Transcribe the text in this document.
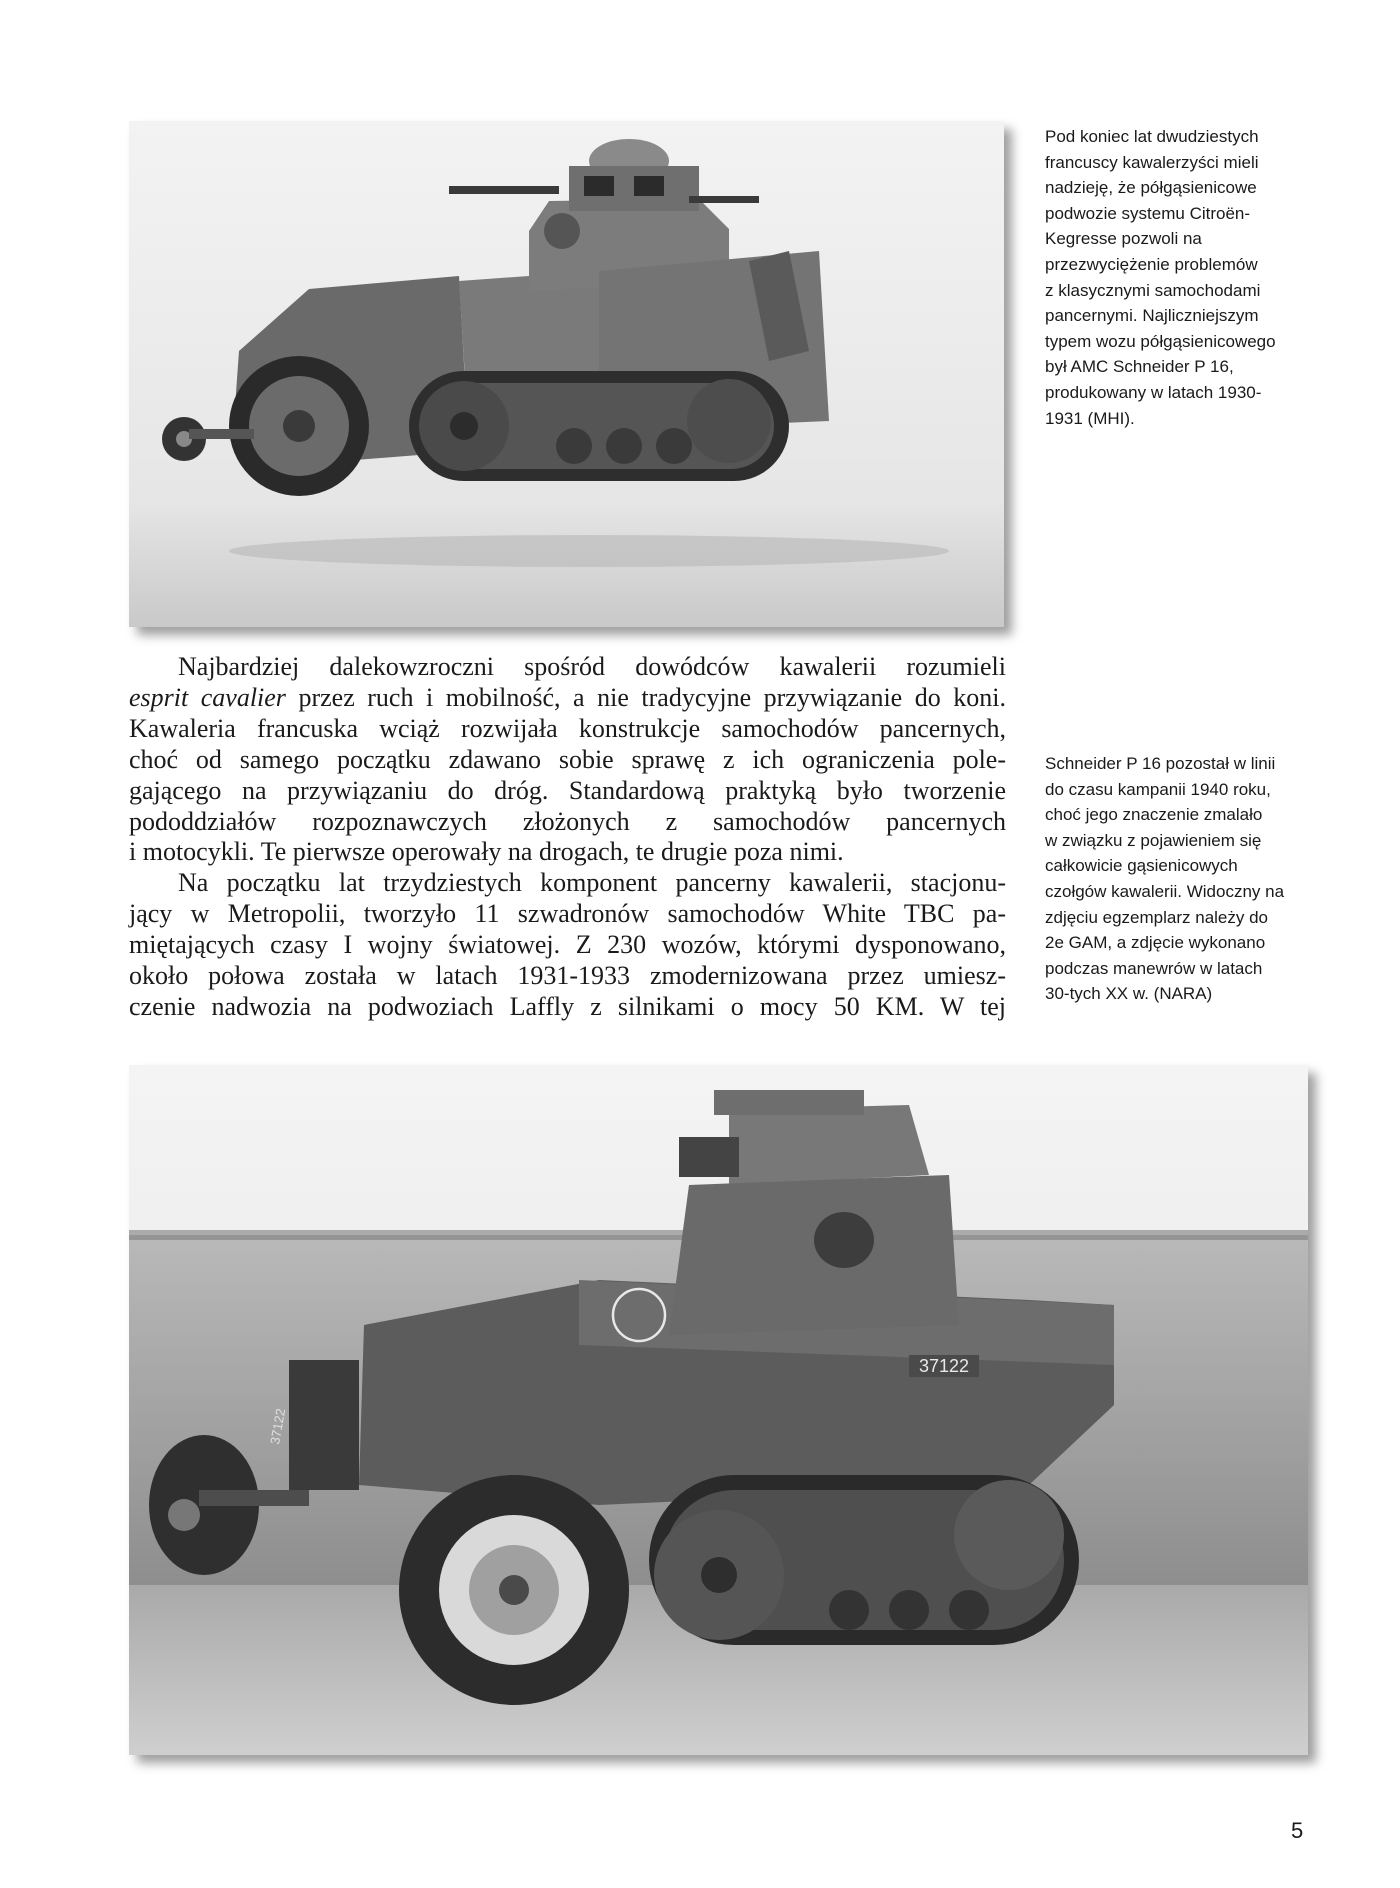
Pod koniec lat dwudziestych
francuscy kawalerzyści mieli
nadzieję, że półgąsienicowe
podwozie systemu Citroën-
Kegresse pozwoli na
przezwyciężenie problemów
z klasycznymi samochodami
pancernymi. Najliczniejszym
typem wozu półgąsienicowego
był AMC Schneider P 16,
produkowany w latach 1930-
1931 (MHI).

Najbardziej dalekowzroczni spośród dowódców kawalerii rozumieli
esprit cavalier przez ruch i mobilność, a nie tradycyjne przywiązanie do koni.
Kawaleria francuska wciąż rozwijała konstrukcje samochodów pancernych,
choć od samego początku zdawano sobie sprawę z ich ograniczenia pole-
gającego na przywiązaniu do dróg. Standardową praktyką było tworzenie
pododdziałów rozpoznawczych złożonych z samochodów pancernych
i motocykli. Te pierwsze operowały na drogach, te drugie poza nimi.
Na początku lat trzydziestych komponent pancerny kawalerii, stacjonu-
jący w Metropolii, tworzyło 11 szwadronów samochodów White TBC pa-
miętających czasy I wojny światowej. Z 230 wozów, którymi dysponowano,
około połowa została w latach 1931-1933 zmodernizowana przez umiesz-
czenie nadwozia na podwoziach Laffly z silnikami o mocy 50 KM. W tej

Schneider P 16 pozostał w linii
do czasu kampanii 1940 roku,
choć jego znaczenie zmalało
w związku z pojawieniem się
całkowicie gąsienicowych
czołgów kawalerii. Widoczny na
zdjęciu egzemplarz należy do
2e GAM, a zdjęcie wykonano
podczas manewrów w latach
30-tych XX w. (NARA)

37122
37122
5
